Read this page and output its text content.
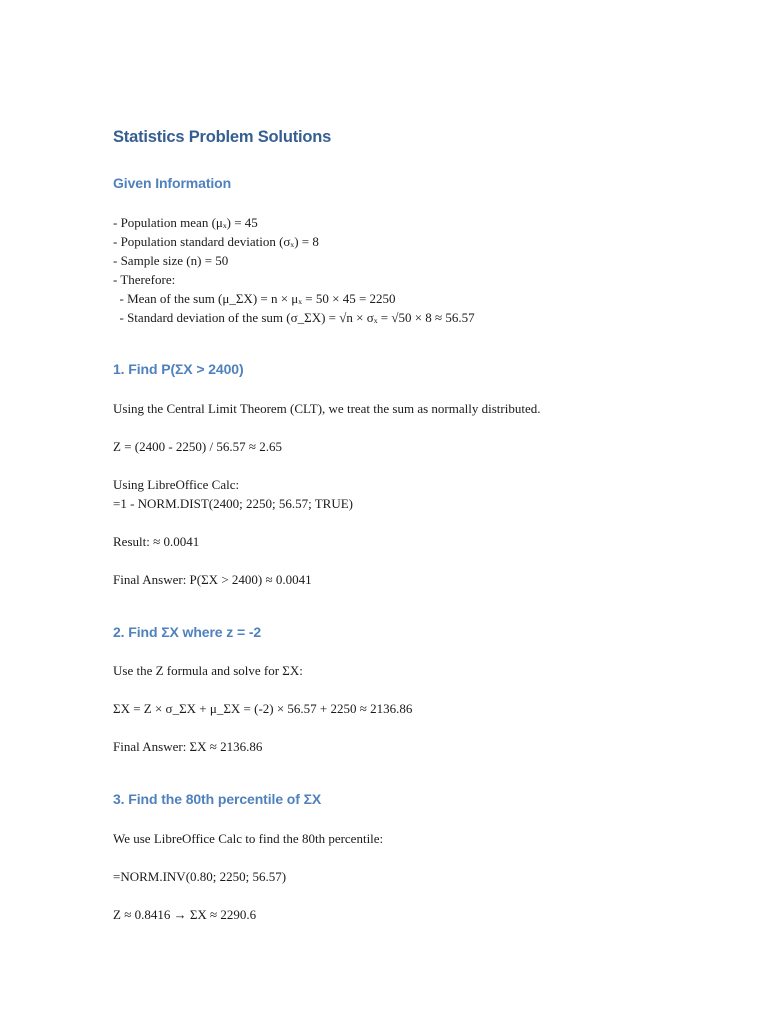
Statistics Problem Solutions
Given Information
- Population mean (μₓ) = 45
- Population standard deviation (σₓ) = 8
- Sample size (n) = 50
- Therefore:
- Mean of the sum (μ_ΣX) = n × μₓ = 50 × 45 = 2250
- Standard deviation of the sum (σ_ΣX) = √n × σₓ = √50 × 8 ≈ 56.57
1. Find P(ΣX > 2400)
Using the Central Limit Theorem (CLT), we treat the sum as normally distributed.
Z = (2400 - 2250) / 56.57 ≈ 2.65
Using LibreOffice Calc:
=1 - NORM.DIST(2400; 2250; 56.57; TRUE)
Result: ≈ 0.0041
Final Answer: P(ΣX > 2400) ≈ 0.0041
2. Find ΣX where z = -2
Use the Z formula and solve for ΣX:
ΣX = Z × σ_ΣX + μ_ΣX = (-2) × 56.57 + 2250 ≈ 2136.86
Final Answer: ΣX ≈ 2136.86
3. Find the 80th percentile of ΣX
We use LibreOffice Calc to find the 80th percentile:
=NORM.INV(0.80; 2250; 56.57)
Z ≈ 0.8416 → ΣX ≈ 2290.6
